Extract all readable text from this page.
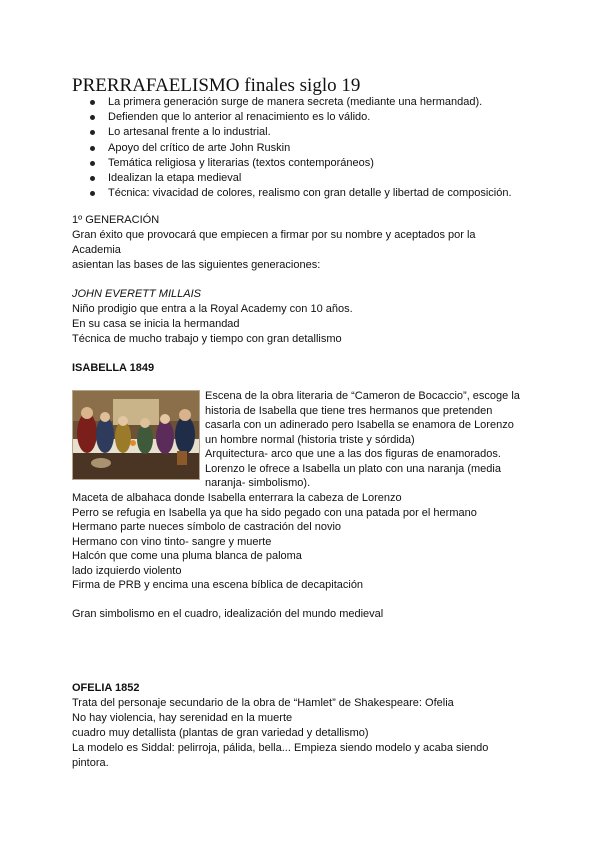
PRERRAFAELISMO finales siglo 19
La primera generación surge de manera secreta (mediante una hermandad).
Defienden que lo anterior al renacimiento es lo válido.
Lo artesanal frente a lo industrial.
Apoyo del crítico de arte John Ruskin
Temática religiosa y literarias (textos contemporáneos)
Idealizan la etapa medieval
Técnica: vivacidad de colores, realismo con gran detalle y libertad de composición.

1º GENERACIÓN

Gran éxito que provocará que empiecen a firmar por su nombre y aceptados por la

Academia

asientan las bases de las siguientes generaciones:

JOHN EVERETT MILLAIS

Niño prodigio que entra a la Royal Academy con 10 años.

En su casa se inicia la hermandad

Técnica de mucho trabajo y tiempo con gran detallismo

ISABELLA 1849

Escena de la obra literaria de “Cameron de Bocaccio”, escoge la

historia de Isabella que tiene tres hermanos que pretenden

casarla con un adinerado pero Isabella se enamora de Lorenzo

un hombre normal (historia triste y sórdida)

Arquitectura- arco que une a las dos figuras de enamorados.

Lorenzo le ofrece a Isabella un plato con una naranja (media

naranja- simbolismo).

Maceta de albahaca donde Isabella enterrara la cabeza de Lorenzo

Perro se refugia en Isabella ya que ha sido pegado con una patada por el hermano

Hermano parte nueces símbolo de castración del novio

Hermano con vino tinto- sangre y muerte

Halcón que come una pluma blanca de paloma

lado izquierdo violento

Firma de PRB y encima una escena bíblica de decapitación

Gran simbolismo en el cuadro, idealización del mundo medieval

OFELIA 1852

Trata del personaje secundario de la obra de “Hamlet” de Shakespeare: Ofelia

No hay violencia, hay serenidad en la muerte

cuadro muy detallista (plantas de gran variedad y detallismo)

La modelo es Siddal: pelirroja, pálida, bella... Empieza siendo modelo y acaba siendo

pintora.
